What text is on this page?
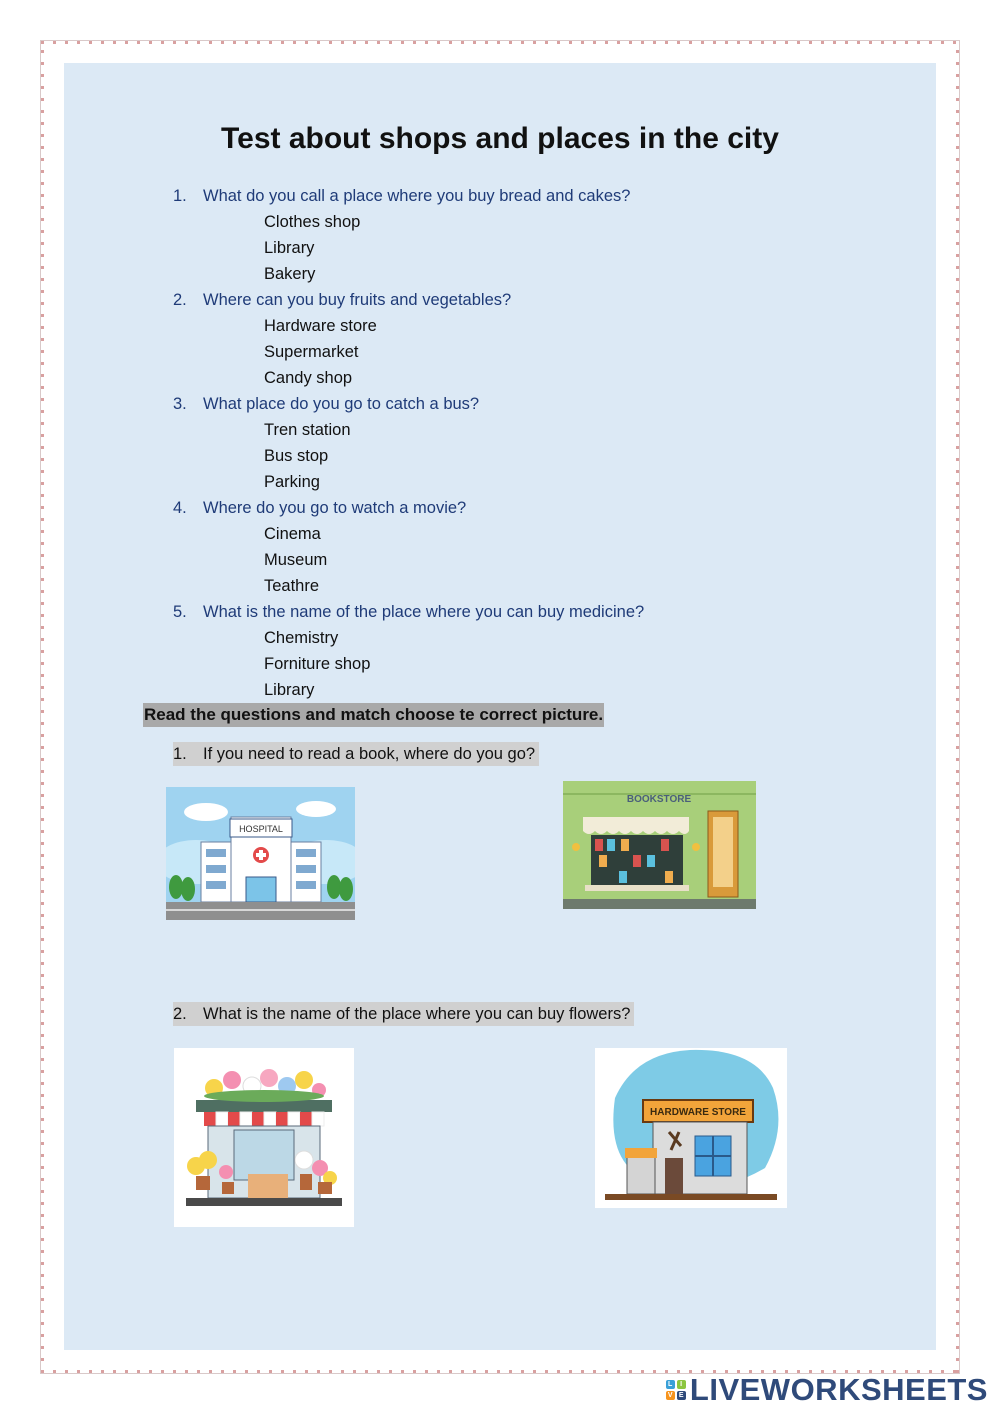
Test about shops and places in the city
1. What do you call a place where you buy bread and cakes?
Clothes shop
Library
Bakery
2. Where can you buy fruits and vegetables?
Hardware store
Supermarket
Candy shop
3. What place do you go to catch a bus?
Tren station
Bus stop
Parking
4. Where do you go to watch a movie?
Cinema
Museum
Teathre
5. What is the name of the place where you can buy medicine?
Chemistry
Forniture shop
Library
Read the questions and match choose te correct picture.
1. If you need to read a book, where do you go?
HOSPITAL
BOOKSTORE
2. What is the name of the place where you can buy flowers?
HARDWARE STORE
L	I
V E LIVEWORKSHEETS
